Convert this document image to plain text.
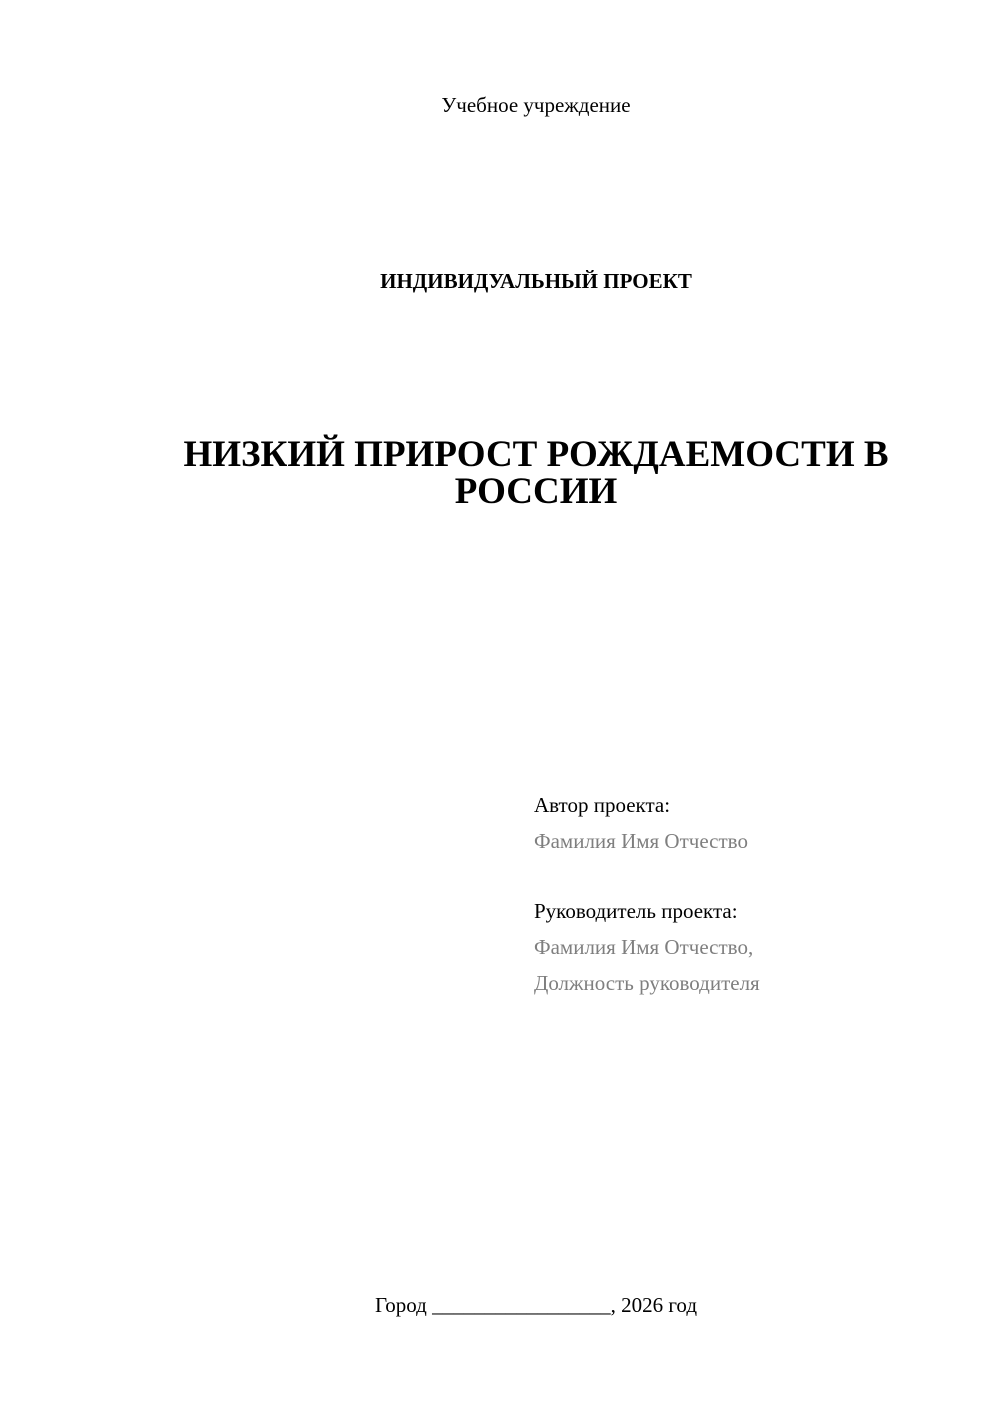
Учебное учреждение
ИНДИВИДУАЛЬНЫЙ ПРОЕКТ
НИЗКИЙ ПРИРОСТ РОЖДАЕМОСТИ В
РОССИИ
Автор проекта:
Фамилия Имя Отчество
Руководитель проекта:
Фамилия Имя Отчество,
Должность руководителя
Город _________________, 2026 год
